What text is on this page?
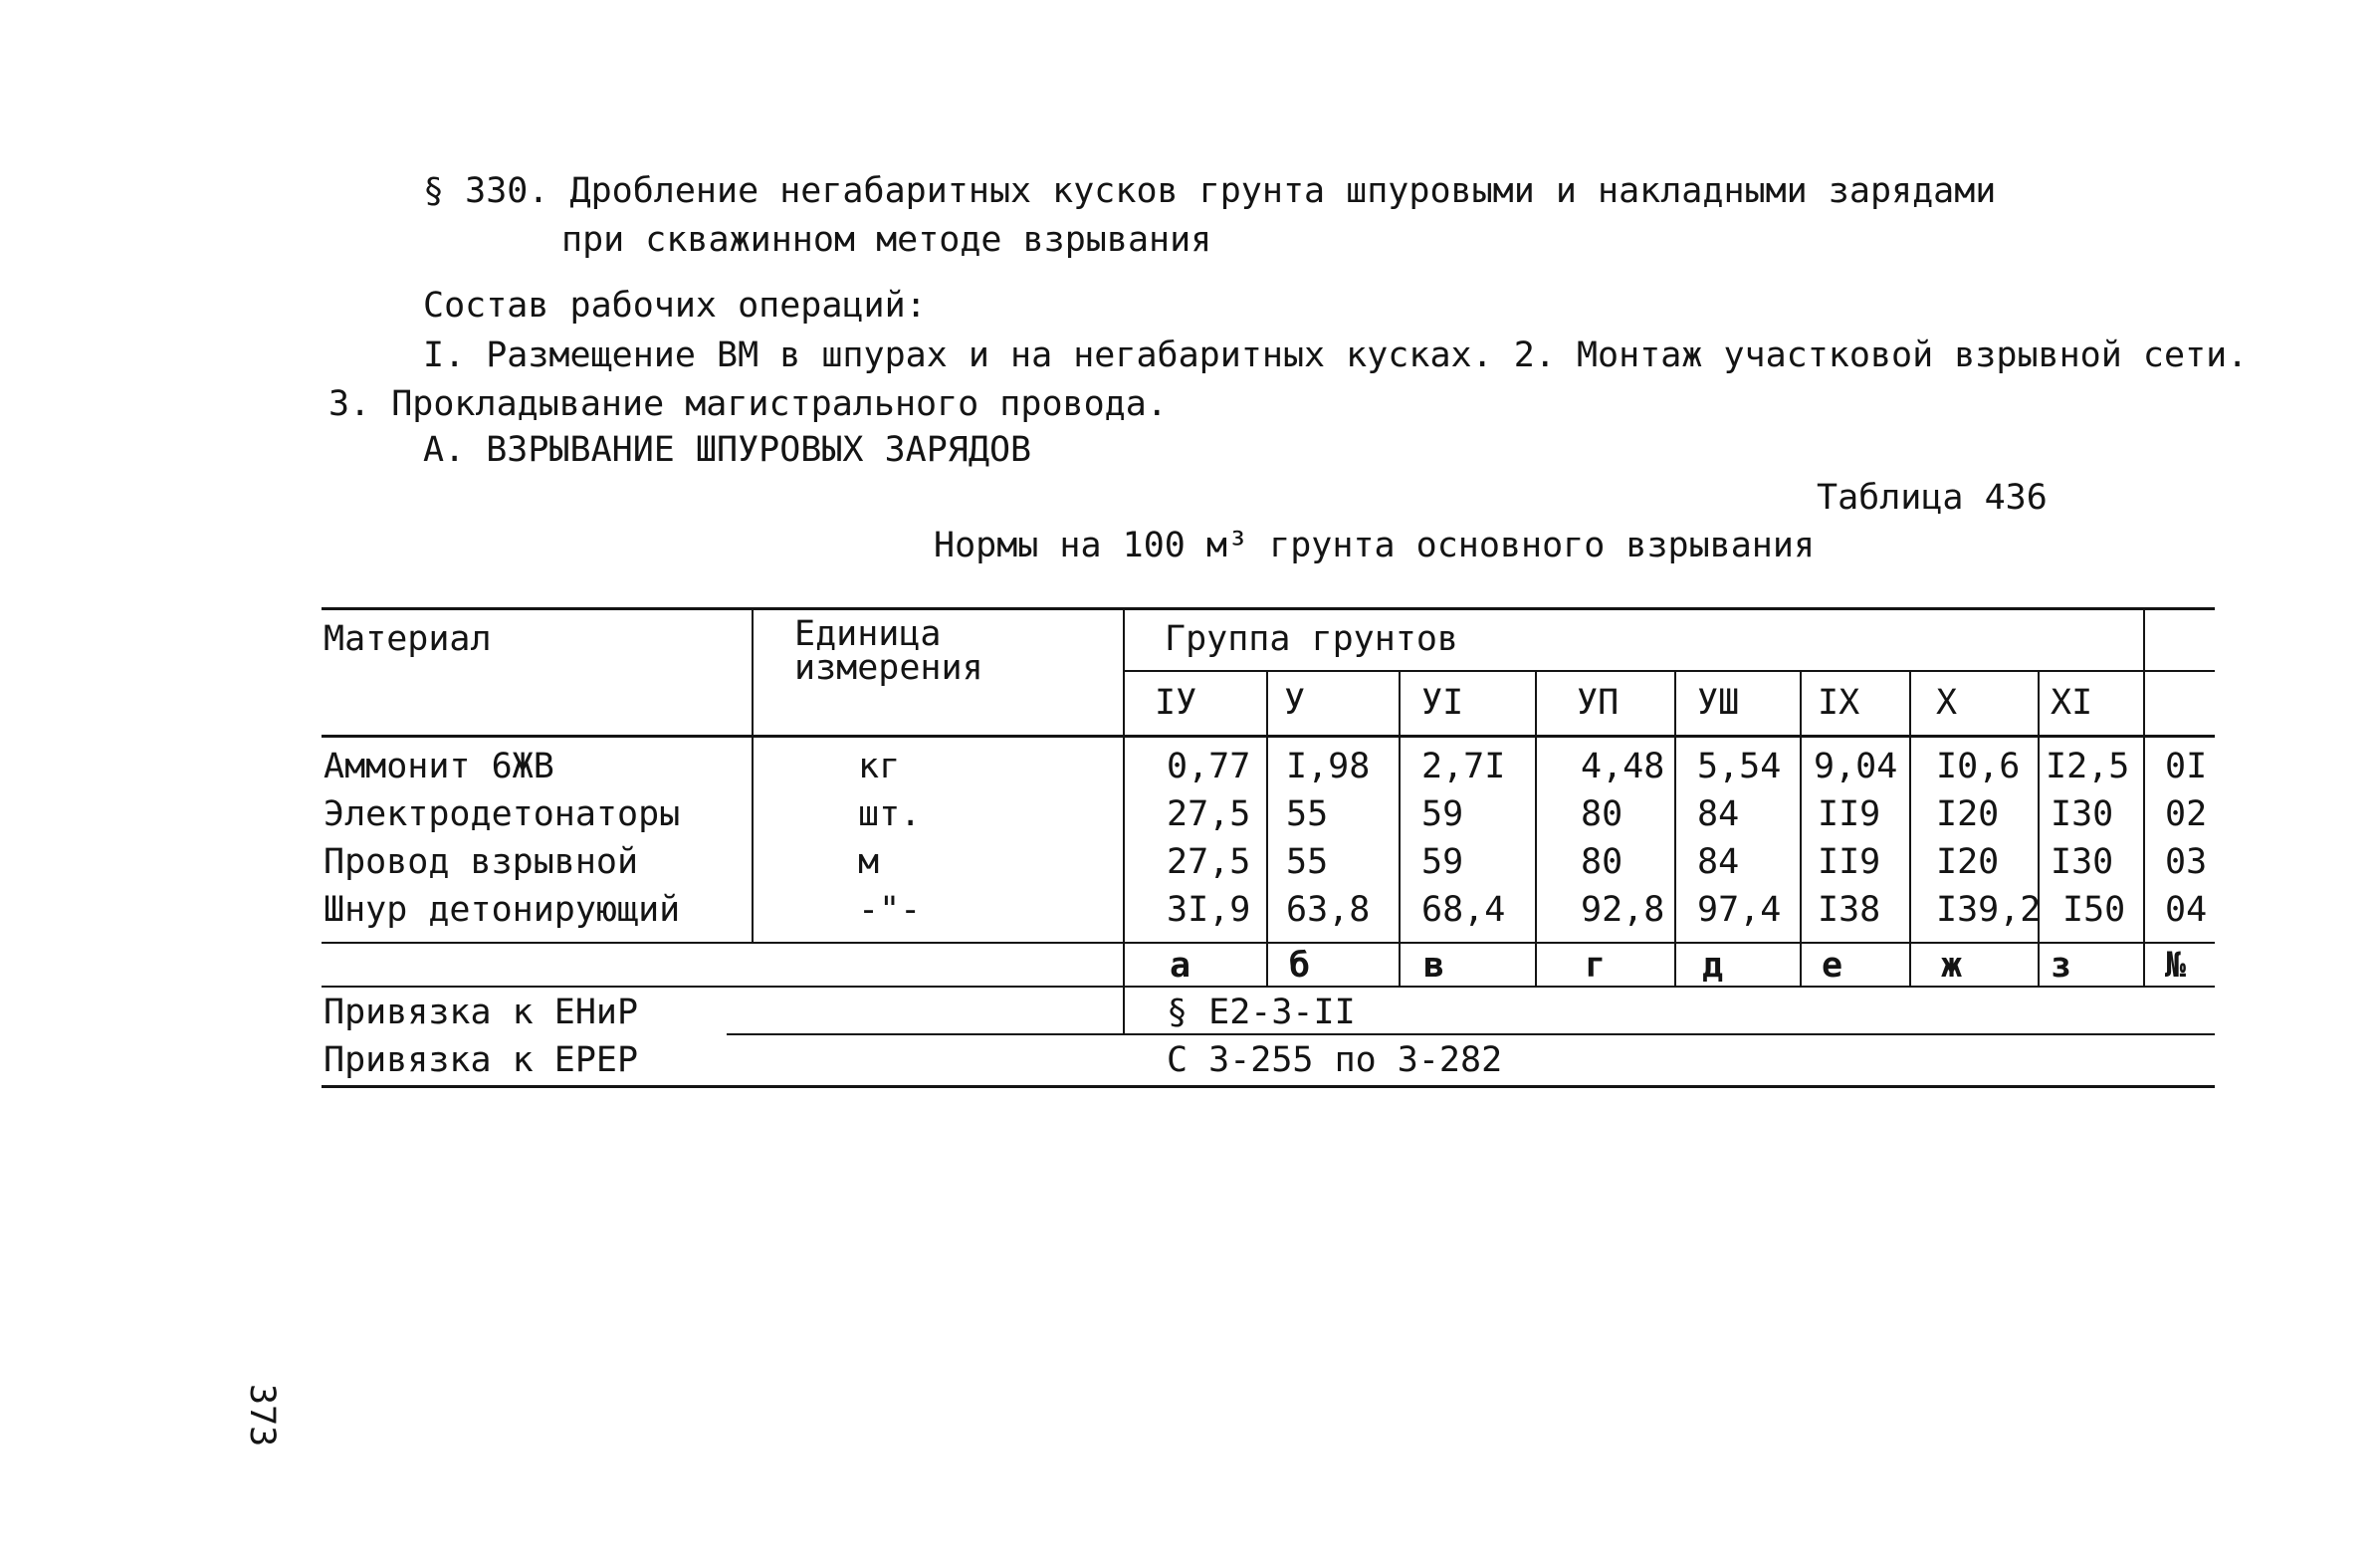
§ 330. Дробление негабаритных кусков грунта шпуровыми и накладными зарядами
при скважинном методе взрывания
Состав рабочих операций:
I. Размещение ВМ в шпурах и на негабаритных кусках. 2. Монтаж участковой взрывной сети.
3. Прокладывание магистрального провода.
А. ВЗРЫВАНИЕ ШПУРОВЫХ ЗАРЯДОВ
Таблица 436
Нормы на 100 м³ грунта основного взрывания
Материал	Единица измерения
Группа грунтов
IУ	У	УI	УП УШ IX X	XI
Аммонит 6ЖВ	кг	0,77 I,98 2,7I 4,48 5,54 9,04 I0,6 I2,5 0I
Электродетонаторы	шт.	27,5 55	59	80 84 II9 I20 I30 02
Провод взрывной	м	27,5 55	59	80 84 II9 I20 I30 03
Шнур детонирующий	-"-	3I,9 63,8 68,4 92,8 97,4 I38 I39,2 I50 04
а	б	в	г	д	е	ж	з	№
Привязка к ЕНиР	§ Е2-3-II
Привязка к ЕРЕР	С 3-255 по 3-282
373
